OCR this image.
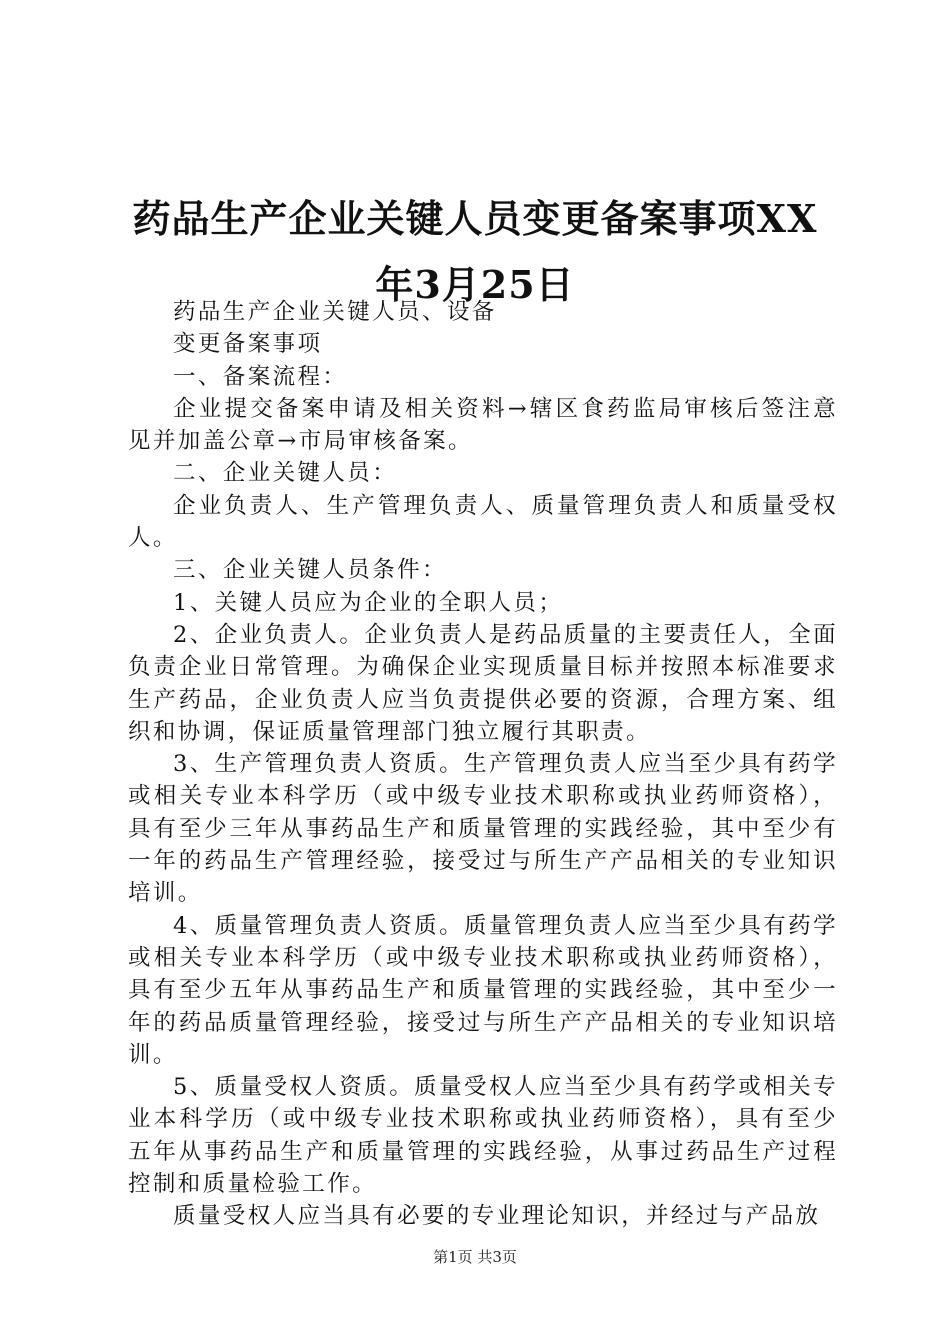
药品生产企业关键人员变更备案事项XX年3月25日

药品生产企业关键人员、设备

变更备案事项

一、备案流程：

企业提交备案申请及相关资料→辖区食药监局审核后签注意见并加盖公章→市局审核备案。

二、企业关键人员：

企业负责人、生产管理负责人、质量管理负责人和质量受权人。

三、企业关键人员条件：

1、关键人员应为企业的全职人员；

2、企业负责人。企业负责人是药品质量的主要责任人，全面负责企业日常管理。为确保企业实现质量目标并按照本标准要求生产药品，企业负责人应当负责提供必要的资源，合理方案、组织和协调，保证质量管理部门独立履行其职责。

3、生产管理负责人资质。生产管理负责人应当至少具有药学或相关专业本科学历（或中级专业技术职称或执业药师资格），具有至少三年从事药品生产和质量管理的实践经验，其中至少有一年的药品生产管理经验，接受过与所生产产品相关的专业知识培训。

4、质量管理负责人资质。质量管理负责人应当至少具有药学或相关专业本科学历（或中级专业技术职称或执业药师资格），具有至少五年从事药品生产和质量管理的实践经验，其中至少一年的药品质量管理经验，接受过与所生产产品相关的专业知识培训。

5、质量受权人资质。质量受权人应当至少具有药学或相关专业本科学历（或中级专业技术职称或执业药师资格），具有至少五年从事药品生产和质量管理的实践经验，从事过药品生产过程控制和质量检验工作。

质量受权人应当具有必要的专业理论知识，并经过与产品放

第1页 共3页
